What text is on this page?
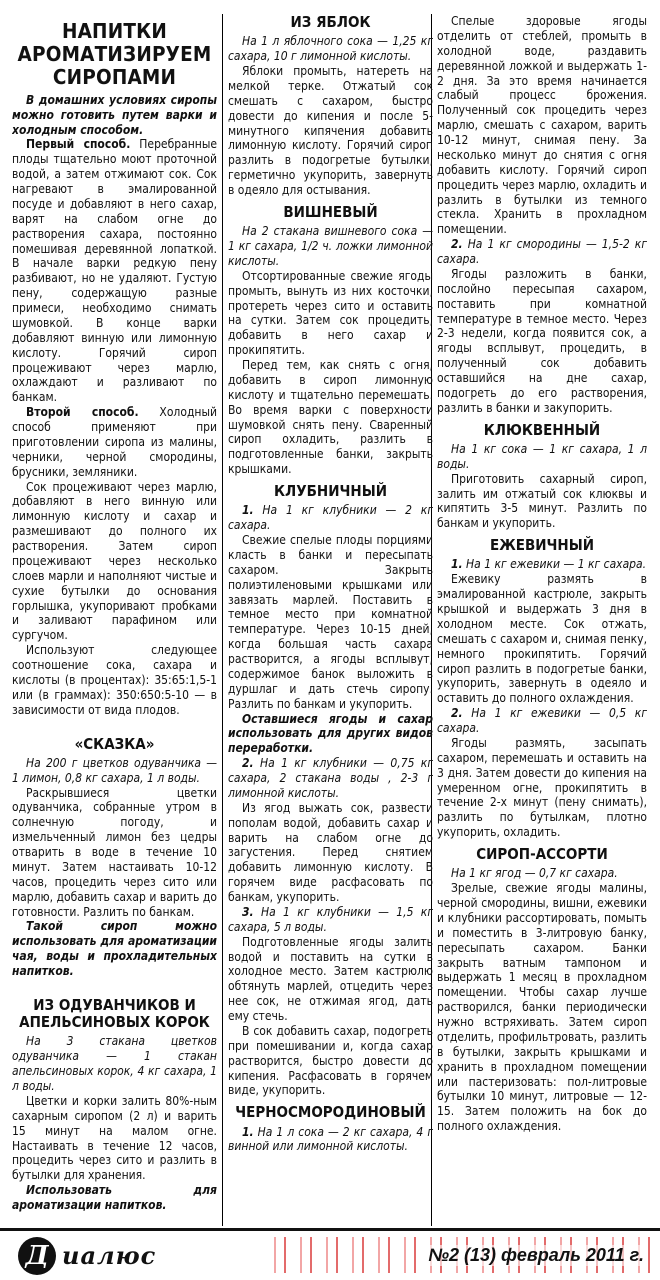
НАПИТКИ АРОМАТИЗИРУЕМ СИРОПАМИ

В домашних условиях сиропы можно готовить путем варки и холодным способом.

Первый способ. Перебранные плоды тщательно моют проточной водой, а затем отжимают сок. Сок нагревают в эмалированной посуде и добавляют в него сахар, варят на слабом огне до растворения сахара, постоянно помешивая деревянной лопаткой. В начале варки редкую пену разбивают, но не удаляют. Густую пену, содержащую разные примеси, необходимо снимать шумовкой. В конце варки добавляют винную или лимонную кислоту. Горячий сироп процеживают через марлю, охлаждают и разливают по банкам.

Второй способ. Холодный способ применяют при приготовлении сиропа из малины, черники, черной смородины, брусники, земляники.

Сок процеживают через марлю, добавляют в него винную или лимонную кислоту и сахар и размешивают до полного их растворения. Затем сироп процеживают через несколько слоев марли и наполняют чистые и сухие бутылки до основания горлышка, укупоривают пробками и заливают парафином или сургучом.

Используют следующее соотношение сока, сахара и кислоты (в процентах): 35:65:1,5-1 или (в граммах): 350:650:5-10 — в зависимости от вида плодов.

«СКАЗКА»

На 200 г цветков одуванчика — 1 лимон, 0,8 кг сахара, 1 л воды.

Раскрывшиеся цветки одуванчика, собранные утром в солнечную погоду, и измельченный лимон без цедры отварить в воде в течение 10 минут. Затем настаивать 10-12 часов, процедить через сито или марлю, добавить сахар и варить до готовности. Разлить по банкам.

Такой сироп можно использовать для ароматизации чая, воды и прохладительных напитков.

ИЗ ОДУВАНЧИКОВ И АПЕЛЬСИНОВЫХ КОРОК

На 3 стакана цветков одуванчика — 1 стакан апельсиновых корок, 4 кг сахара, 1 л воды.

Цветки и корки залить 80%-ным сахарным сиропом (2 л) и варить 15 минут на малом огне. Настаивать в течение 12 часов, процедить через сито и разлить в бутылки для хранения.

Использовать для ароматизации напитков.

ИЗ ЯБЛОК

На 1 л яблочного сока — 1,25 кг сахара, 10 г лимонной кислоты.

Яблоки промыть, натереть на мелкой терке. Отжатый сок смешать с сахаром, быстро довести до кипения и после 5-минутного кипячения добавить лимонную кислоту. Горячий сироп разлить в подогретые бутылки, герметично укупорить, завернуть в одеяло для остывания.

ВИШНЕВЫЙ

На 2 стакана вишневого сока — 1 кг сахара, 1/2 ч. ложки лимонной кислоты.

Отсортированные свежие ягоды промыть, вынуть из них косточки, протереть через сито и оставить на сутки. Затем сок процедить, добавить в него сахар и прокипятить.

Перед тем, как снять с огня, добавить в сироп лимонную кислоту и тщательно перемешать. Во время варки с поверхности шумовкой снять пену. Сваренный сироп охладить, разлить в подготовленные банки, закрыть крышками.

КЛУБНИЧНЫЙ

1. На 1 кг клубники — 2 кг сахара.

Свежие спелые плоды порциями класть в банки и пересыпать сахаром. Закрыть полиэтиленовыми крышками или завязать марлей. Поставить в темное место при комнатной температуре. Через 10-15 дней, когда большая часть сахара растворится, а ягоды всплывут, содержимое банок выложить в дуршлаг и дать стечь сиропу. Разлить по банкам и укупорить.

Оставшиеся ягоды и сахар использовать для других видов переработки.

2. На 1 кг клубники — 0,75 кг сахара, 2 стакана воды , 2-3 г лимонной кислоты.

Из ягод выжать сок, развести пополам водой, добавить сахар и варить на слабом огне до загустения. Перед снятием добавить лимонную кислоту. В горячем виде расфасовать по банкам, укупорить.

3. На 1 кг клубники — 1,5 кг сахара, 5 л воды.

Подготовленные ягоды залить водой и поставить на сутки в холодное место. Затем кастрюлю обтянуть марлей, отцедить через нее сок, не отжимая ягод, дать ему стечь.

В сок добавить сахар, подогреть при помешивании и, когда сахар растворится, быстро довести до кипения. Расфасовать в горячем виде, укупорить.

ЧЕРНОСМОРОДИНОВЫЙ

1. На 1 л сока — 2 кг сахара, 4 г винной или лимонной кислоты.

Спелые здоровые ягоды отделить от стеблей, промыть в холодной воде, раздавить деревянной ложкой и выдержать 1-2 дня. За это время начинается слабый процесс брожения. Полученный сок процедить через марлю, смешать с сахаром, варить 10-12 минут, снимая пену. За несколько минут до снятия с огня добавить кислоту. Горячий сироп процедить через марлю, охладить и разлить в бутылки из темного стекла. Хранить в прохладном помещении.

2. На 1 кг смородины — 1,5-2 кг сахара.

Ягоды разложить в банки, послойно пересыпая сахаром, поставить при комнатной температуре в темное место. Через 2-3 недели, когда появится сок, а ягоды всплывут, процедить, в полученный сок добавить оставшийся на дне сахар, подогреть до его растворения, разлить в банки и закупорить.

КЛЮКВЕННЫЙ

На 1 кг сока — 1 кг сахара, 1 л воды.

Приготовить сахарный сироп, залить им отжатый сок клюквы и кипятить 3-5 минут. Разлить по банкам и укупорить.

ЕЖЕВИЧНЫЙ

1. На 1 кг ежевики — 1 кг сахара.

Ежевику размять в эмалированной кастрюле, закрыть крышкой и выдержать 3 дня в холодном месте. Сок отжать, смешать с сахаром и, снимая пенку, немного прокипятить. Горячий сироп разлить в подогретые банки, укупорить, завернуть в одеяло и оставить до полного охлаждения.

2. На 1 кг ежевики — 0,5 кг сахара.

Ягоды размять, засыпать сахаром, перемешать и оставить на 3 дня. Затем довести до кипения на умеренном огне, прокипятить в течение 2-х минут (пену снимать), разлить по бутылкам, плотно укупорить, охладить.

СИРОП-АССОРТИ

На 1 кг ягод — 0,7 кг сахара.

Зрелые, свежие ягоды малины, черной смородины, вишни, ежевики и клубники рассортировать, помыть и поместить в 3-литровую банку, пересыпать сахаром. Банки закрыть ватным тампоном и выдержать 1 месяц в прохладном помещении. Чтобы сахар лучше растворился, банки периодически нужно встряхивать. Затем сироп отделить, профильтровать, разлить в бутылки, закрыть крышками и хранить в прохладном помещении или пастеризовать: пол-литровые бутылки 10 минут, литровые — 12-15. Затем положить на бок до полного охлаждения.

Д иалюс	№2 (13) февраль 2011 г.
